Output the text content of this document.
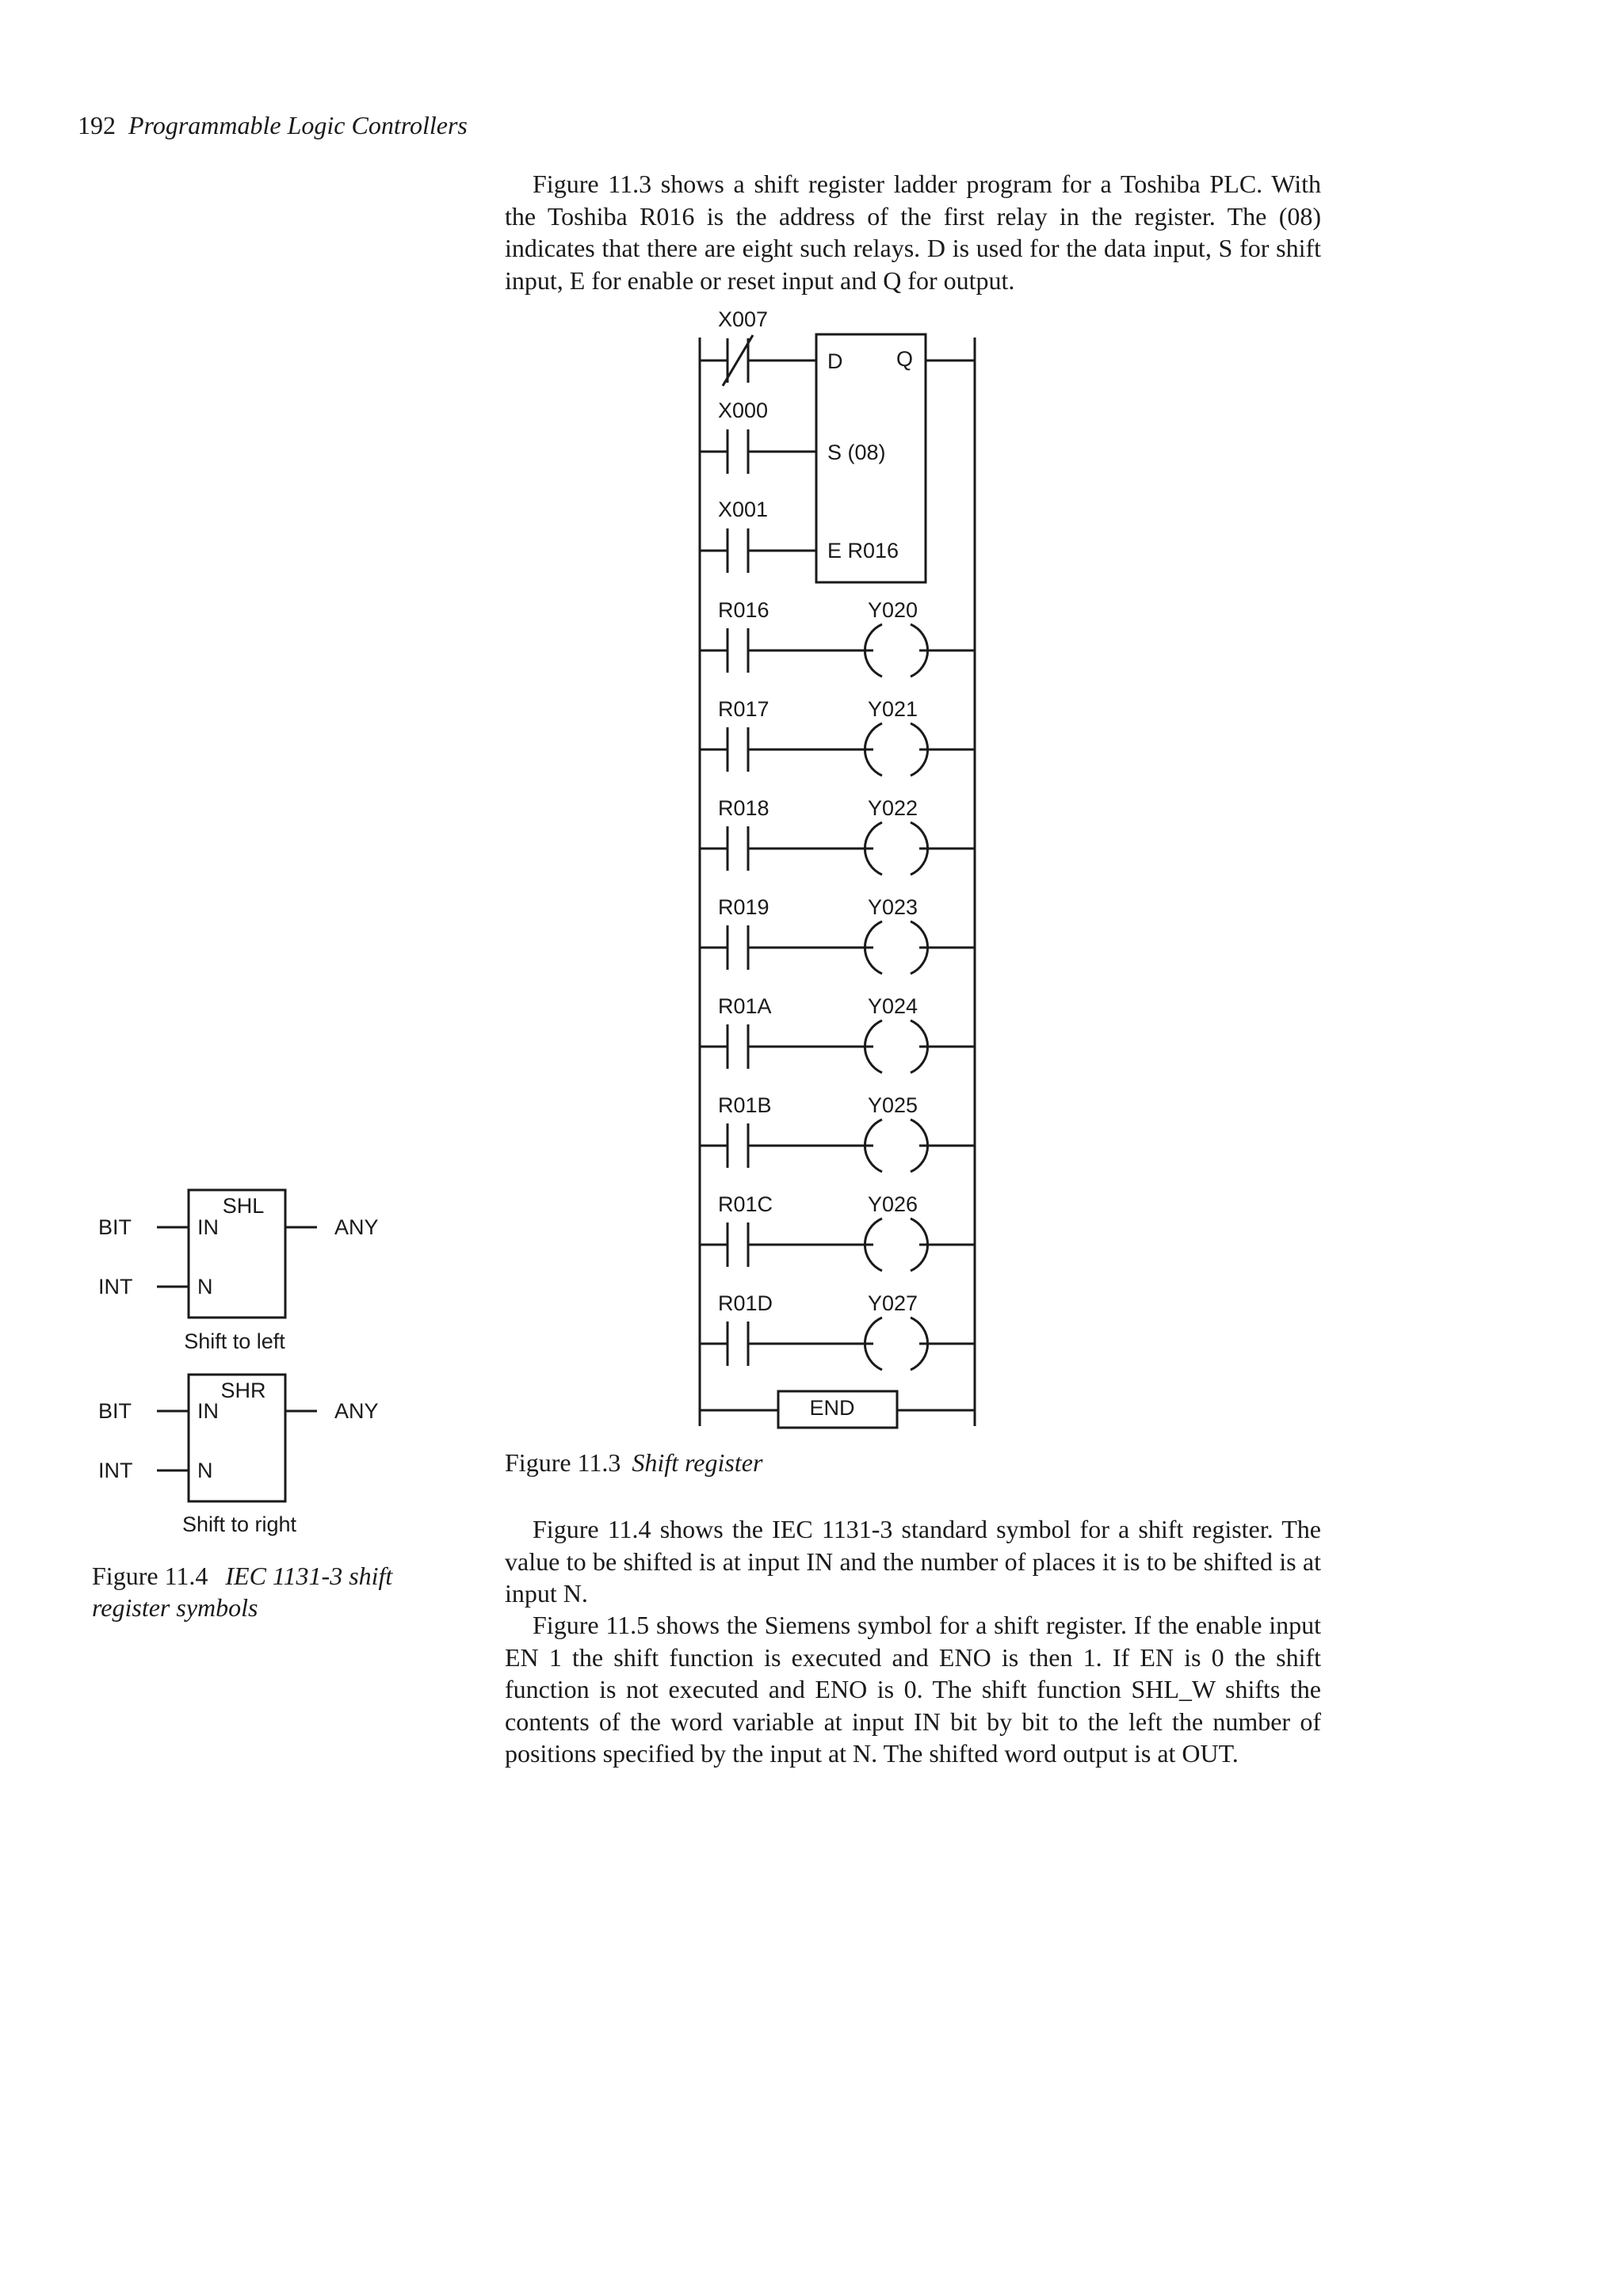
192 Programmable Logic Controllers

Figure 11.3 shows a shift register ladder program for a Toshiba PLC. With the Toshiba R016 is the address of the first relay in the register. The (08) indicates that there are eight such relays. D is used for the data input, S for shift input, E for enable or reset input and Q for output.

D Q
S (08)
E R016
X007
X000
X001
R016	Y020
R017	Y021
R018	Y022
R019	Y023
R01A	Y024
R01B	Y025
R01C	Y026
R01D	Y027
END
SHL
BIT	IN
INT	N
ANY
Shift to left
SHR
BIT	IN
INT	N
ANY
Shift to right

Figure 11.3 Shift register

Figure 11.4 IEC 1131-3 shift register symbols

Figure 11.4 shows the IEC 1131-3 standard symbol for a shift register. The value to be shifted is at input IN and the number of places it is to be shifted is at input N.

Figure 11.5 shows the Siemens symbol for a shift register. If the enable input EN 1 the shift function is executed and ENO is then 1. If EN is 0 the shift function is not executed and ENO is 0. The shift function SHL_W shifts the contents of the word variable at input IN bit by bit to the left the number of positions specified by the input at N. The shifted word output is at OUT.
